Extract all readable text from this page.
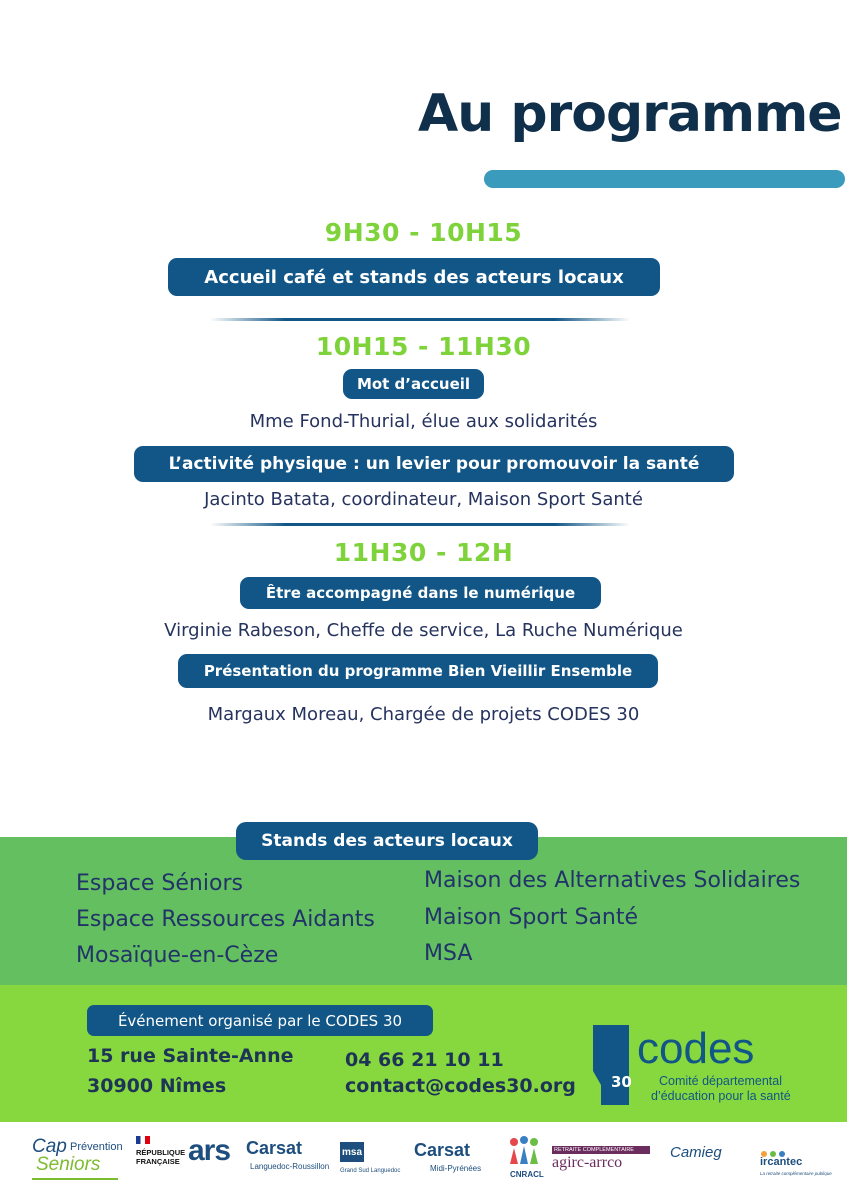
Au programme
9H30 - 10H15
Accueil café et stands des acteurs locaux
10H15 - 11H30
Mot d’accueil
Mme Fond-Thurial, élue aux solidarités
L’activité physique : un levier pour promouvoir la santé
Jacinto Batata, coordinateur, Maison Sport Santé
11H30 - 12H
Être accompagné dans le numérique
Virginie Rabeson, Cheffe de service, La Ruche Numérique
Présentation du programme Bien Vieillir Ensemble
Margaux Moreau, Chargée de projets CODES 30
Stands des acteurs locaux
Espace Séniors
Espace Ressources Aidants
Mosaïque-en-Cèze
Maison des Alternatives Solidaires
Maison Sport Santé
MSA
Événement organisé par le CODES 30
15 rue Sainte-Anne
30900 Nîmes
04 66 21 10 11
contact@codes30.org 30
codes
Comité départemental
d’éducation pour la santé
Cap Prévention
Seniors
RÉPUBLIQUE
FRANÇAISE ars Carsat
Languedoc-Roussillon
msa
Grand Sud Languedoc
Carsat
Midi-Pyrénées
CNRACL
RETRAITE COMPLÉMENTAIRE
agirc-arrco
Camieg
ircantec
La retraite complémentaire publique
